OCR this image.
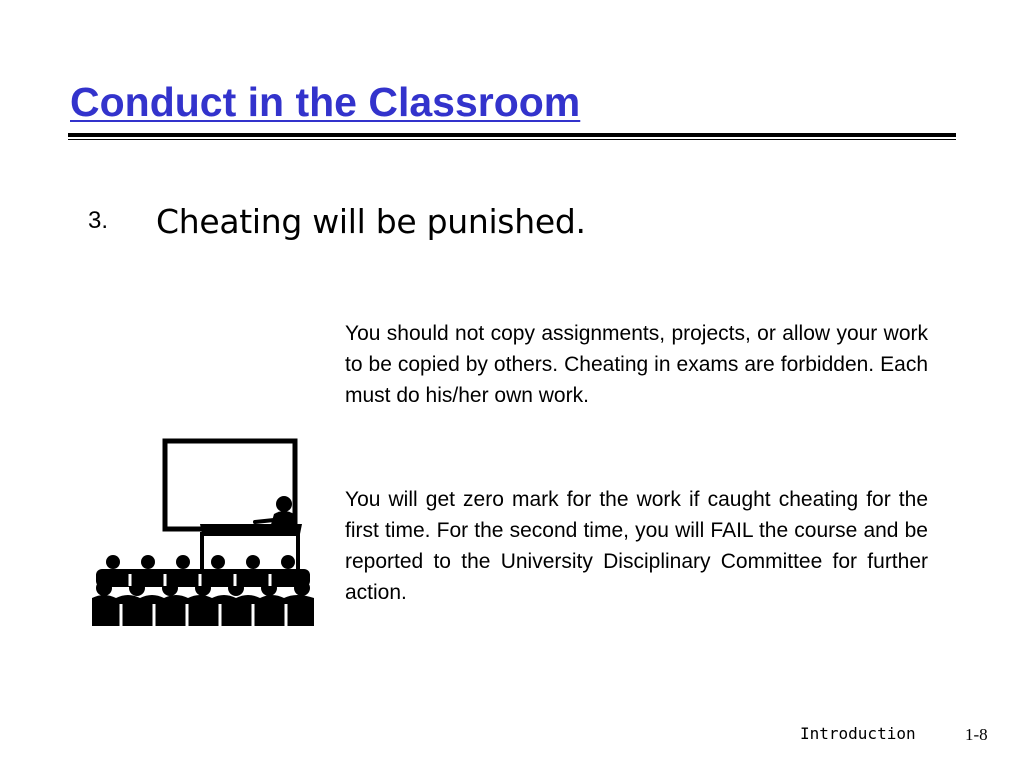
Conduct in the Classroom
3.	Cheating will be punished.

You should not copy assignments, projects, or allow your work to be copied by others. Cheating in exams are forbidden. Each must do his/her own work.

You will get zero mark for the work if caught cheating for the first time. For the second time, you will FAIL the course and be reported to the University Disciplinary Committee for further action.

Introduction	1-8
